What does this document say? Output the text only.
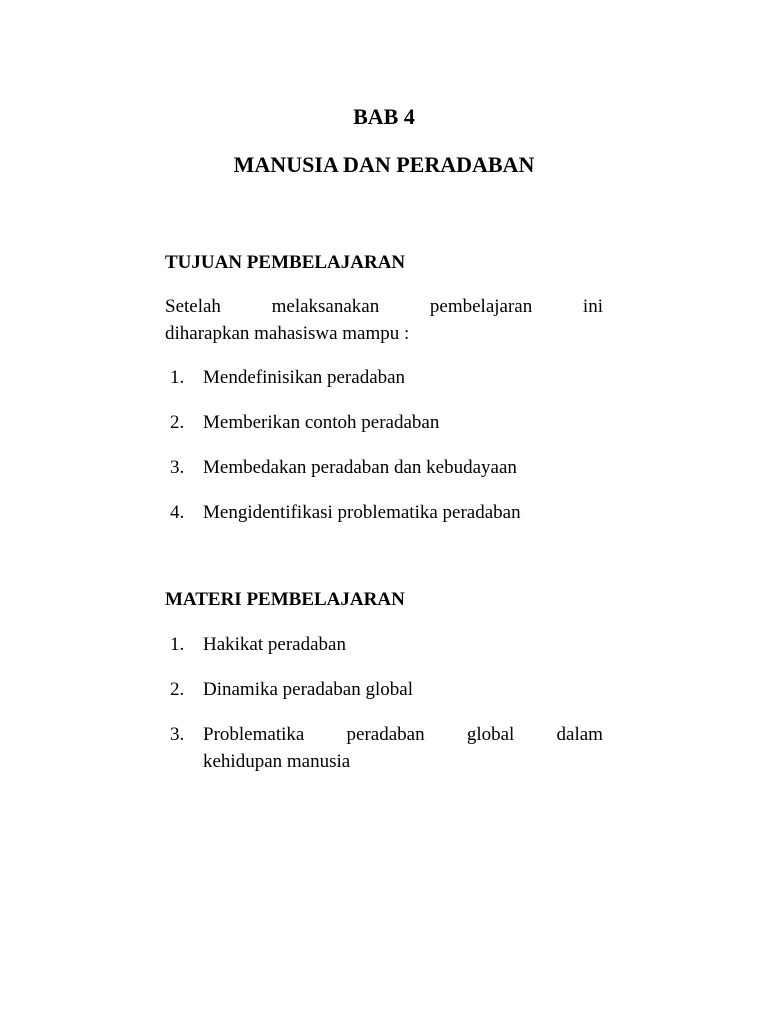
BAB 4
MANUSIA DAN PERADABAN
TUJUAN PEMBELAJARAN
Setelah	melaksanakan	pembelajaran	ini
diharapkan mahasiswa mampu :
1. Mendefinisikan peradaban
2. Memberikan contoh peradaban
3. Membedakan peradaban dan kebudayaan
4. Mengidentifikasi problematika peradaban
MATERI PEMBELAJARAN
1. Hakikat peradaban
2. Dinamika peradaban global
3. Problematika peradaban global dalam
kehidupan manusia
